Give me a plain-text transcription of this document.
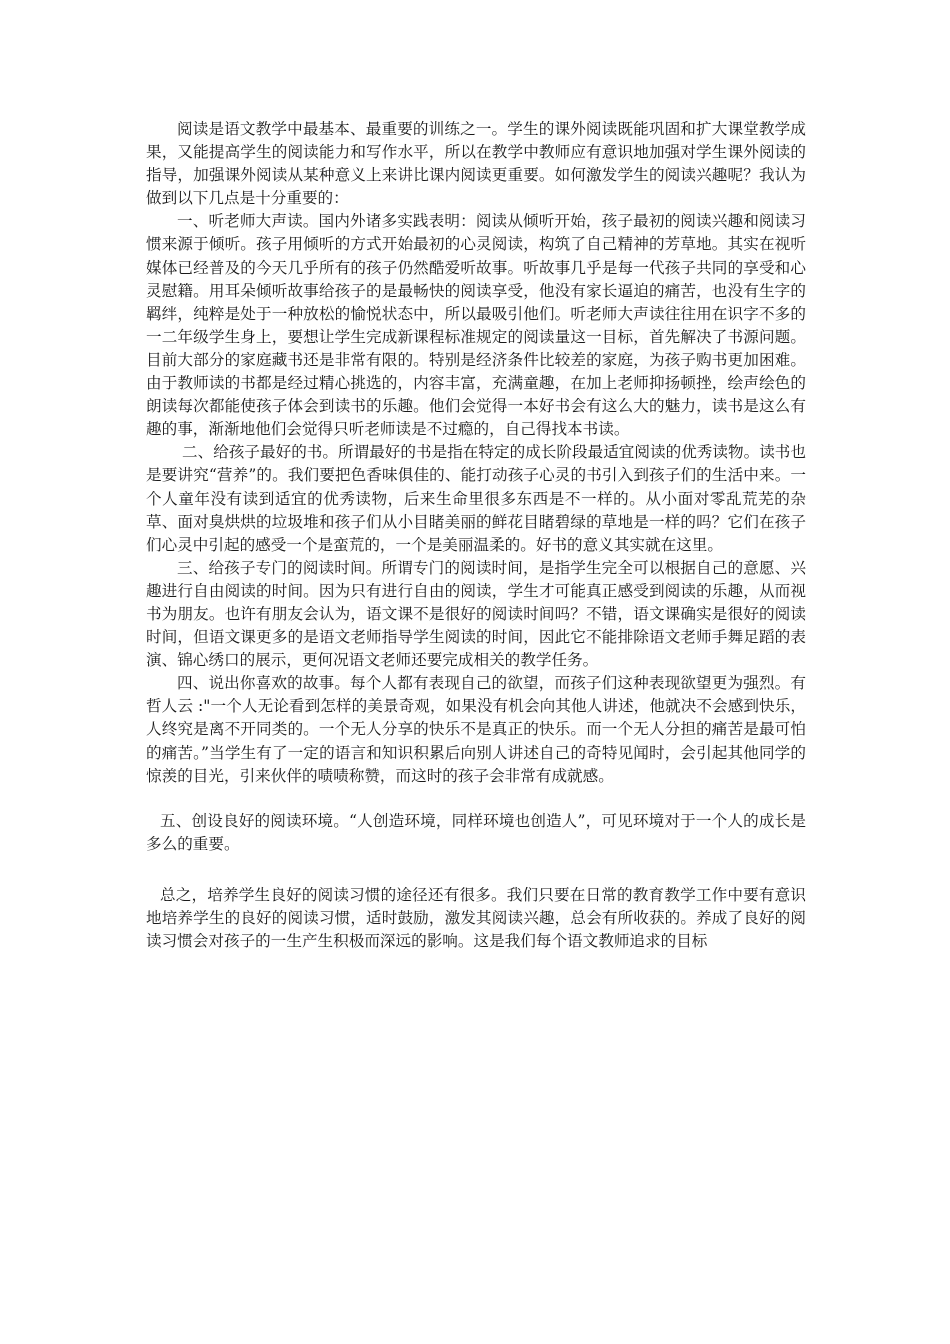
阅读是语文教学中最基本、最重要的训练之一。学生的课外阅读既能巩固和扩大课堂教学成果，又能提高学生的阅读能力和写作水平，所以在教学中教师应有意识地加强对学生课外阅读的指导，加强课外阅读从某种意义上来讲比课内阅读更重要。如何激发学生的阅读兴趣呢？我认为做到以下几点是十分重要的：

一、听老师大声读。国内外诸多实践表明：阅读从倾听开始，孩子最初的阅读兴趣和阅读习惯来源于倾听。孩子用倾听的方式开始最初的心灵阅读，构筑了自己精神的芳草地。其实在视听媒体已经普及的今天几乎所有的孩子仍然酷爱听故事。听故事几乎是每一代孩子共同的享受和心灵慰籍。用耳朵倾听故事给孩子的是最畅快的阅读享受，他没有家长逼迫的痛苦，也没有生字的羁绊，纯粹是处于一种放松的愉悦状态中，所以最吸引他们。听老师大声读往往用在识字不多的一二年级学生身上，要想让学生完成新课程标准规定的阅读量这一目标，首先解决了书源问题。目前大部分的家庭藏书还是非常有限的。特别是经济条件比较差的家庭，为孩子购书更加困难。由于教师读的书都是经过精心挑选的，内容丰富，充满童趣，在加上老师抑扬顿挫，绘声绘色的朗读每次都能使孩子体会到读书的乐趣。他们会觉得一本好书会有这么大的魅力，读书是这么有趣的事，渐渐地他们会觉得只听老师读是不过瘾的，自己得找本书读。

二、给孩子最好的书。所谓最好的书是指在特定的成长阶段最适宜阅读的优秀读物。读书也是要讲究“营养”的。我们要把色香味俱佳的、能打动孩子心灵的书引入到孩子们的生活中来。一个人童年没有读到适宜的优秀读物，后来生命里很多东西是不一样的。从小面对零乱荒芜的杂草、面对臭烘烘的垃圾堆和孩子们从小目睹美丽的鲜花目睹碧绿的草地是一样的吗？它们在孩子们心灵中引起的感受一个是蛮荒的，一个是美丽温柔的。好书的意义其实就在这里。

三、给孩子专门的阅读时间。所谓专门的阅读时间，是指学生完全可以根据自己的意愿、兴趣进行自由阅读的时间。因为只有进行自由的阅读，学生才可能真正感受到阅读的乐趣，从而视书为朋友。也许有朋友会认为，语文课不是很好的阅读时间吗？不错，语文课确实是很好的阅读时间，但语文课更多的是语文老师指导学生阅读的时间，因此它不能排除语文老师手舞足蹈的表演、锦心绣口的展示，更何况语文老师还要完成相关的教学任务。

四、说出你喜欢的故事。每个人都有表现自己的欲望，而孩子们这种表现欲望更为强烈。有哲人云 :"一个人无论看到怎样的美景奇观，如果没有机会向其他人讲述，他就决不会感到快乐，人终究是离不开同类的。一个无人分享的快乐不是真正的快乐。而一个无人分担的痛苦是最可怕的痛苦。”当学生有了一定的语言和知识积累后向别人讲述自己的奇特见闻时，会引起其他同学的惊羡的目光，引来伙伴的啧啧称赞，而这时的孩子会非常有成就感。

五、创设良好的阅读环境。“人创造环境，同样环境也创造人”，可见环境对于一个人的成长是多么的重要。

总之，培养学生良好的阅读习惯的途径还有很多。我们只要在日常的教育教学工作中要有意识地培养学生的良好的阅读习惯，适时鼓励，激发其阅读兴趣，总会有所收获的。养成了良好的阅读习惯会对孩子的一生产生积极而深远的影响。这是我们每个语文教师追求的目标
